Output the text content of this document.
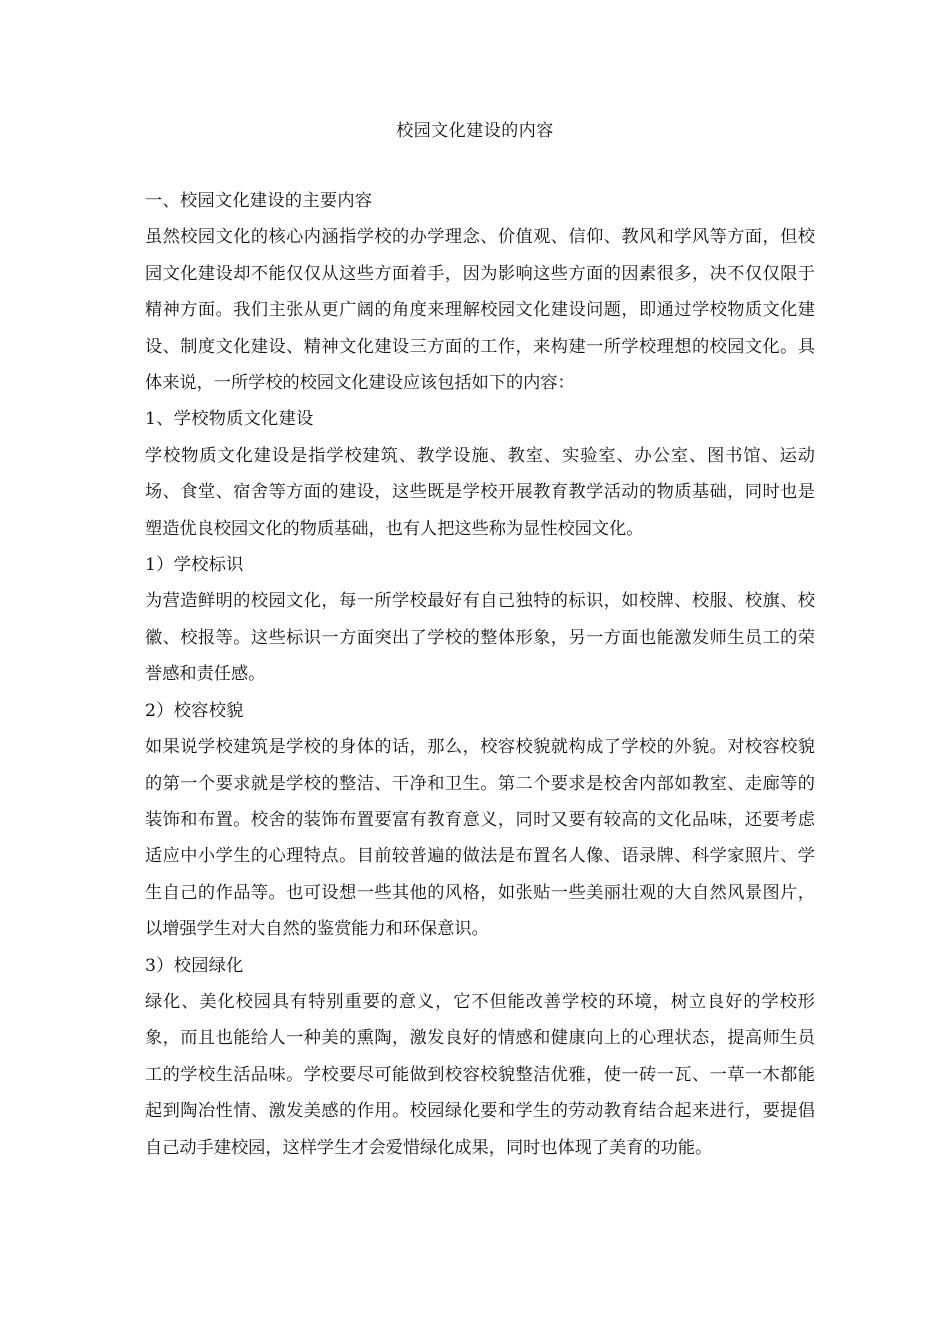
校园文化建设的内容

一、校园文化建设的主要内容

虽然校园文化的核心内涵指学校的办学理念、价值观、信仰、教风和学风等方面，但校园文化建设却不能仅仅从这些方面着手，因为影响这些方面的因素很多，决不仅仅限于精神方面。我们主张从更广阔的角度来理解校园文化建设问题，即通过学校物质文化建设、制度文化建设、精神文化建设三方面的工作，来构建一所学校理想的校园文化。具体来说，一所学校的校园文化建设应该包括如下的内容：

1、学校物质文化建设

学校物质文化建设是指学校建筑、教学设施、教室、实验室、办公室、图书馆、运动场、食堂、宿舍等方面的建设，这些既是学校开展教育教学活动的物质基础，同时也是塑造优良校园文化的物质基础，也有人把这些称为显性校园文化。

1）学校标识

为营造鲜明的校园文化，每一所学校最好有自己独特的标识，如校牌、校服、校旗、校徽、校报等。这些标识一方面突出了学校的整体形象，另一方面也能激发师生员工的荣誉感和责任感。

2）校容校貌

如果说学校建筑是学校的身体的话，那么，校容校貌就构成了学校的外貌。对校容校貌的第一个要求就是学校的整洁、干净和卫生。第二个要求是校舍内部如教室、走廊等的装饰和布置。校舍的装饰布置要富有教育意义，同时又要有较高的文化品味，还要考虑适应中小学生的心理特点。目前较普遍的做法是布置名人像、语录牌、科学家照片、学生自己的作品等。也可设想一些其他的风格，如张贴一些美丽壮观的大自然风景图片，以增强学生对大自然的鉴赏能力和环保意识。

3）校园绿化

绿化、美化校园具有特别重要的意义，它不但能改善学校的环境，树立良好的学校形象，而且也能给人一种美的熏陶，激发良好的情感和健康向上的心理状态，提高师生员工的学校生活品味。学校要尽可能做到校容校貌整洁优雅，使一砖一瓦、一草一木都能起到陶冶性情、激发美感的作用。校园绿化要和学生的劳动教育结合起来进行，要提倡自己动手建校园，这样学生才会爱惜绿化成果，同时也体现了美育的功能。
